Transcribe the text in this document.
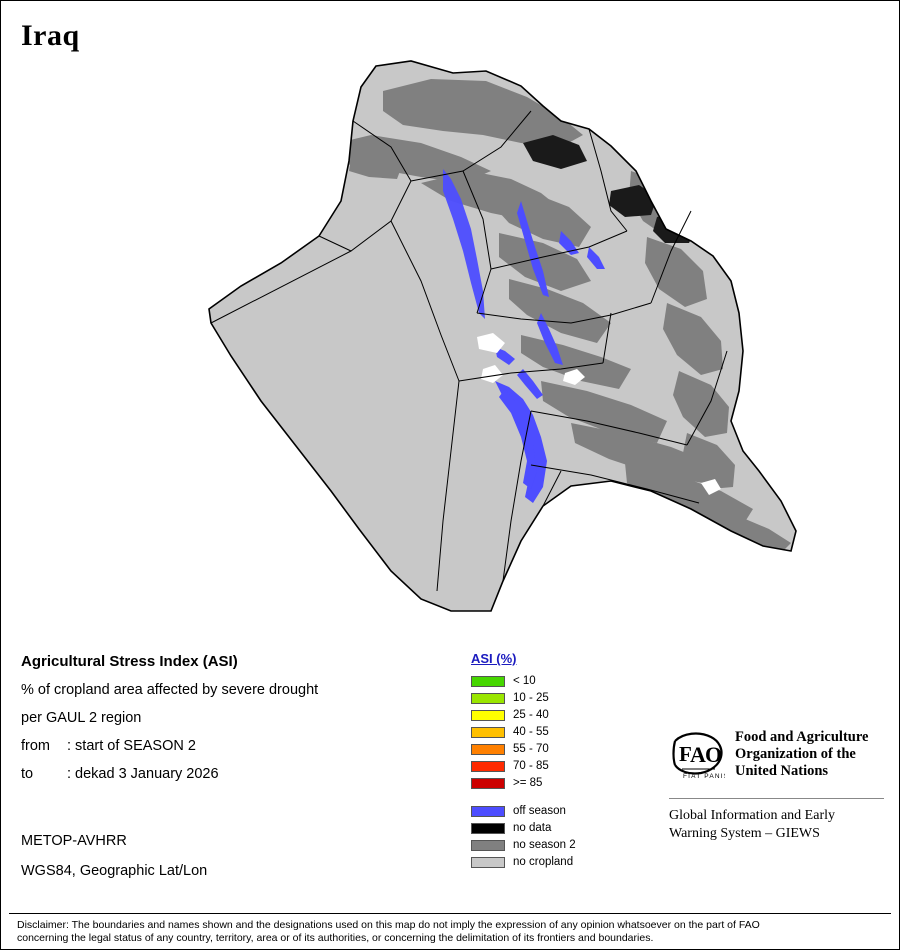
Iraq
Agricultural Stress Index (ASI)
% of cropland area affected by severe drought
per GAUL 2 region
from : start of SEASON 2
to : dekad 3 January 2026
METOP-AVHRR
WGS84, Geographic Lat/Lon
ASI (%)
< 10
10 - 25
25 - 40
40 - 55
55 - 70
70 - 85
>= 85
off season
no data
no season 2
no cropland
F
A O
FIAT PANIS
Food and Agriculture Organization of the United Nations
Global Information and Early
Warning System – GIEWS
Disclaimer: The boundaries and names shown and the designations used on this map do not imply the expression of any opinion whatsoever on the part of FAO
concerning the legal status of any country, territory, area or of its authorities, or concerning the delimitation of its frontiers and boundaries.
